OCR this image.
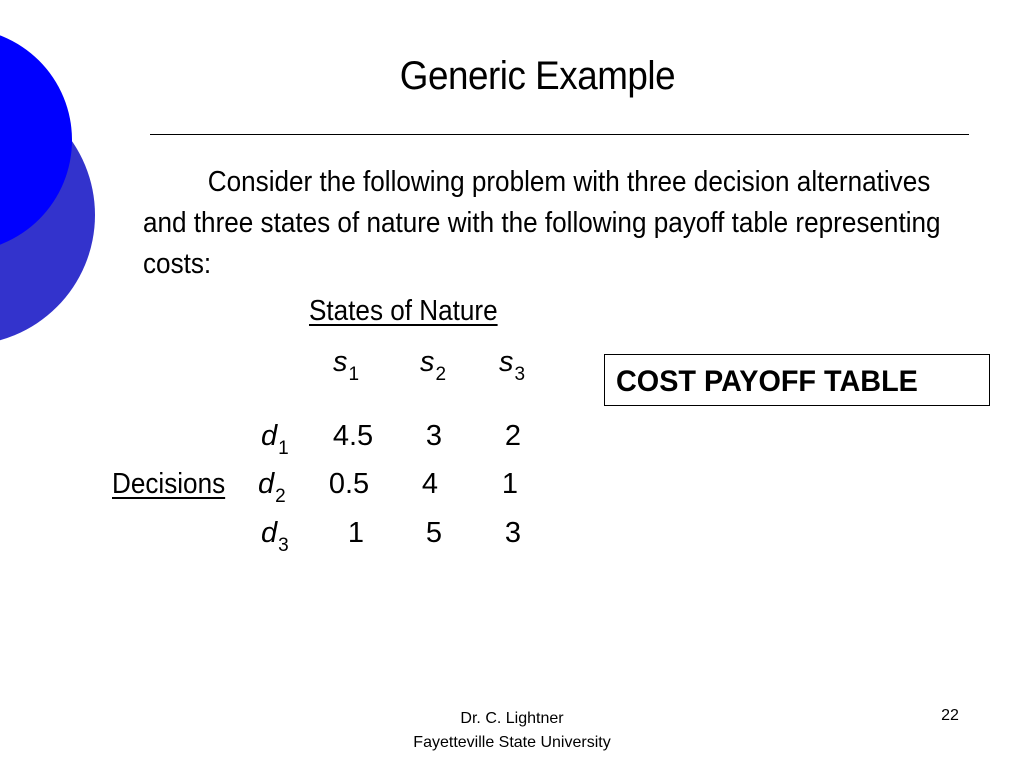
Generic Example
Consider the following problem with three decision alternatives and three states of nature with the following payoff table representing costs:
States of Nature
$s_1$ $s_2$ $s_3$	COST PAYOFF TABLE
Decisions
$d_1$	4.5	3	2
$d_2$	0.5	4	1
$d_3$	1	5	3
Dr. C. Lightner
Fayetteville State University
22
